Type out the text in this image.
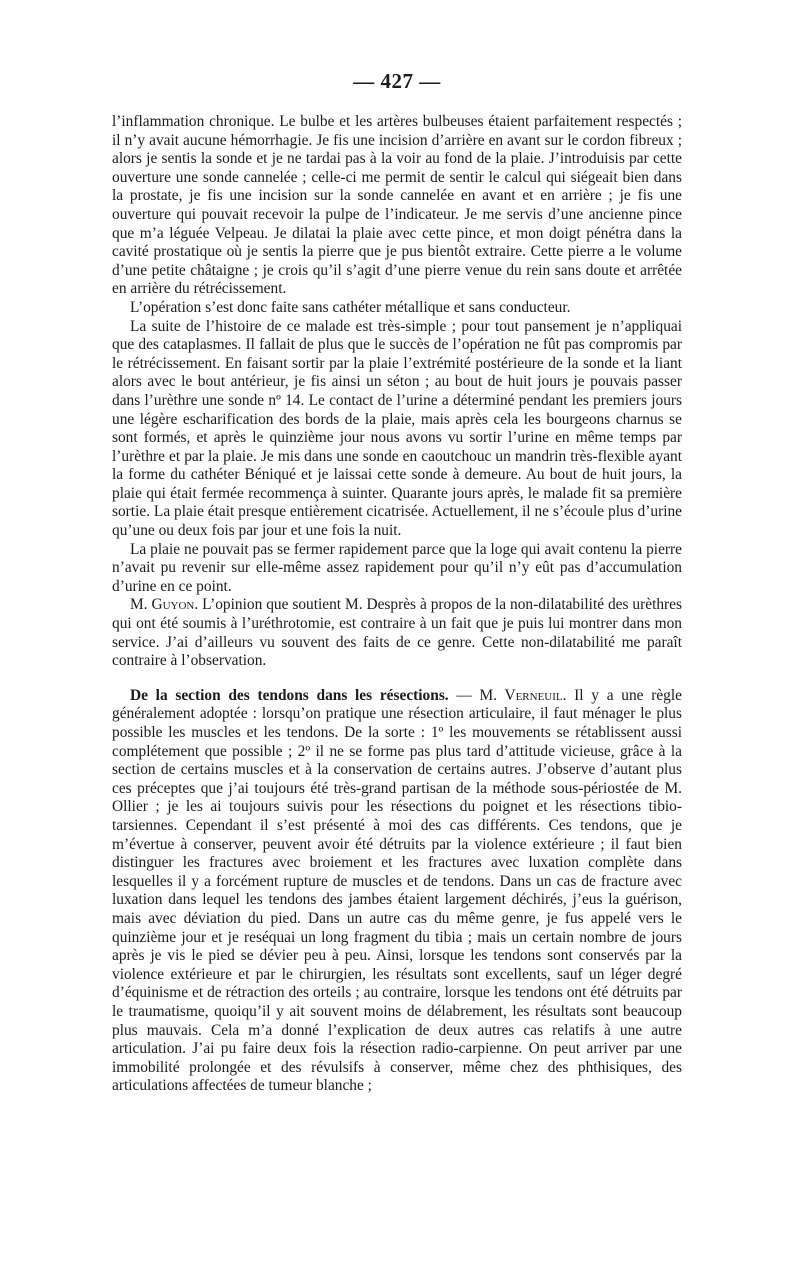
— 427 —

l’inflammation chronique. Le bulbe et les artères bulbeuses étaient parfaitement respectés ; il n’y avait aucune hémorrhagie. Je fis une incision d’arrière en avant sur le cordon fibreux ; alors je sentis la sonde et je ne tardai pas à la voir au fond de la plaie. J’introduisis par cette ouverture une sonde cannelée ; celle-ci me permit de sentir le calcul qui siégeait bien dans la prostate, je fis une incision sur la sonde cannelée en avant et en arrière ; je fis une ouverture qui pouvait recevoir la pulpe de l’indicateur. Je me servis d’une ancienne pince que m’a léguée Velpeau. Je dilatai la plaie avec cette pince, et mon doigt pénétra dans la cavité prostatique où je sentis la pierre que je pus bientôt extraire. Cette pierre a le volume d’une petite châtaigne ; je crois qu’il s’agit d’une pierre venue du rein sans doute et arrêtée en arrière du rétrécissement.

L’opération s’est donc faite sans cathéter métallique et sans conducteur.

La suite de l’histoire de ce malade est très-simple ; pour tout pansement je n’appliquai que des cataplasmes. Il fallait de plus que le succès de l’opération ne fût pas compromis par le rétrécissement. En faisant sortir par la plaie l’extrémité postérieure de la sonde et la liant alors avec le bout antérieur, je fis ainsi un séton ; au bout de huit jours je pouvais passer dans l’urèthre une sonde nº 14. Le contact de l’urine a déterminé pendant les premiers jours une légère escharification des bords de la plaie, mais après cela les bourgeons charnus se sont formés, et après le quinzième jour nous avons vu sortir l’urine en même temps par l’urèthre et par la plaie. Je mis dans une sonde en caoutchouc un mandrin très-flexible ayant la forme du cathéter Béniqué et je laissai cette sonde à demeure. Au bout de huit jours, la plaie qui était fermée recommença à suinter. Quarante jours après, le malade fit sa première sortie. La plaie était presque entièrement cicatrisée. Actuellement, il ne s’écoule plus d’urine qu’une ou deux fois par jour et une fois la nuit.

La plaie ne pouvait pas se fermer rapidement parce que la loge qui avait contenu la pierre n’avait pu revenir sur elle-même assez rapidement pour qu’il n’y eût pas d’accumulation d’urine en ce point.

M. Guyon. L’opinion que soutient M. Desprès à propos de la non-dilatabilité des urèthres qui ont été soumis à l’uréthrotomie, est contraire à un fait que je puis lui montrer dans mon service. J’ai d’ailleurs vu souvent des faits de ce genre. Cette non-dilatabilité me paraît contraire à l’observation.

De la section des tendons dans les résections. — M. Verneuil. Il y a une règle généralement adoptée : lorsqu’on pratique une résection articulaire, il faut ménager le plus possible les muscles et les tendons. De la sorte : 1º les mouvements se rétablissent aussi complétement que possible ; 2º il ne se forme pas plus tard d’attitude vicieuse, grâce à la section de certains muscles et à la conservation de certains autres. J’observe d’autant plus ces préceptes que j’ai toujours été très-grand partisan de la méthode sous-périostée de M. Ollier ; je les ai toujours suivis pour les résections du poignet et les résections tibio-tarsiennes. Cependant il s’est présenté à moi des cas différents. Ces tendons, que je m’évertue à conserver, peuvent avoir été détruits par la violence extérieure ; il faut bien distinguer les fractures avec broiement et les fractures avec luxation complète dans lesquelles il y a forcément rupture de muscles et de tendons. Dans un cas de fracture avec luxation dans lequel les tendons des jambes étaient largement déchirés, j’eus la guérison, mais avec déviation du pied. Dans un autre cas du même genre, je fus appelé vers le quinzième jour et je reséquai un long fragment du tibia ; mais un certain nombre de jours après je vis le pied se dévier peu à peu. Ainsi, lorsque les tendons sont conservés par la violence extérieure et par le chirurgien, les résultats sont excellents, sauf un léger degré d’équinisme et de rétraction des orteils ; au contraire, lorsque les tendons ont été détruits par le traumatisme, quoiqu’il y ait souvent moins de délabrement, les résultats sont beaucoup plus mauvais. Cela m’a donné l’explication de deux autres cas relatifs à une autre articulation. J’ai pu faire deux fois la résection radio-carpienne. On peut arriver par une immobilité prolongée et des révulsifs à conserver, même chez des phthisiques, des articulations affectées de tumeur blanche ;
